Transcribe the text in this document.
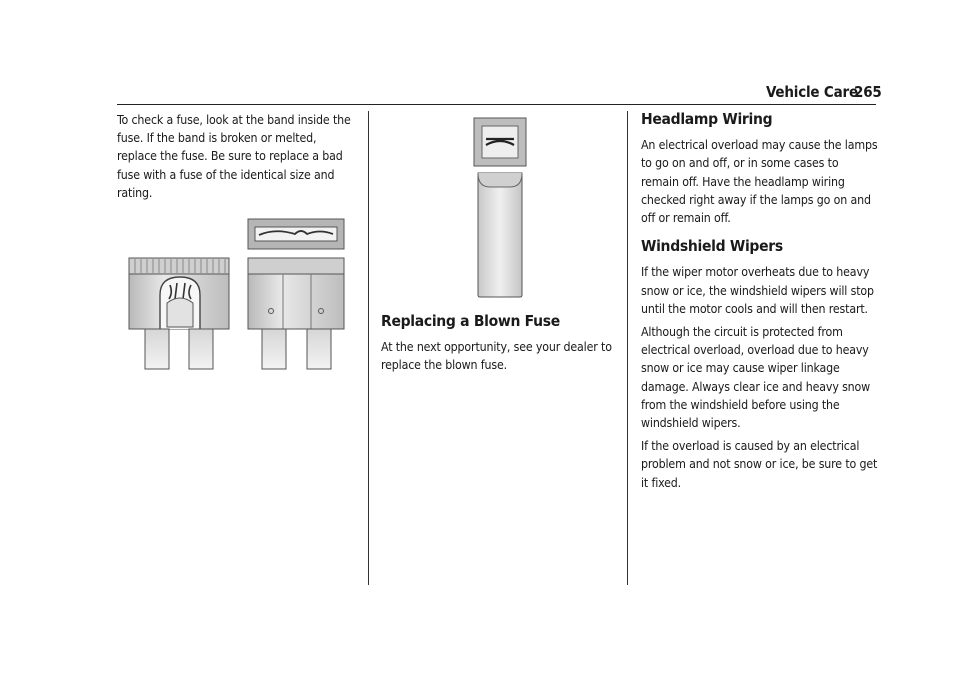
Vehicle Care
265

To check a fuse, look at the band inside the fuse. If the band is broken or melted, replace the fuse. Be sure to replace a bad fuse with a fuse of the identical size and rating.

Replacing a Blown Fuse

At the next opportunity, see your dealer to replace the blown fuse.

Headlamp Wiring

An electrical overload may cause the lamps to go on and off, or in some cases to remain off. Have the headlamp wiring checked right away if the lamps go on and off or remain off.

Windshield Wipers

If the wiper motor overheats due to heavy snow or ice, the windshield wipers will stop until the motor cools and will then restart.

Although the circuit is protected from electrical overload, overload due to heavy snow or ice may cause wiper linkage damage. Always clear ice and heavy snow from the windshield before using the windshield wipers.

If the overload is caused by an electrical problem and not snow or ice, be sure to get it fixed.
